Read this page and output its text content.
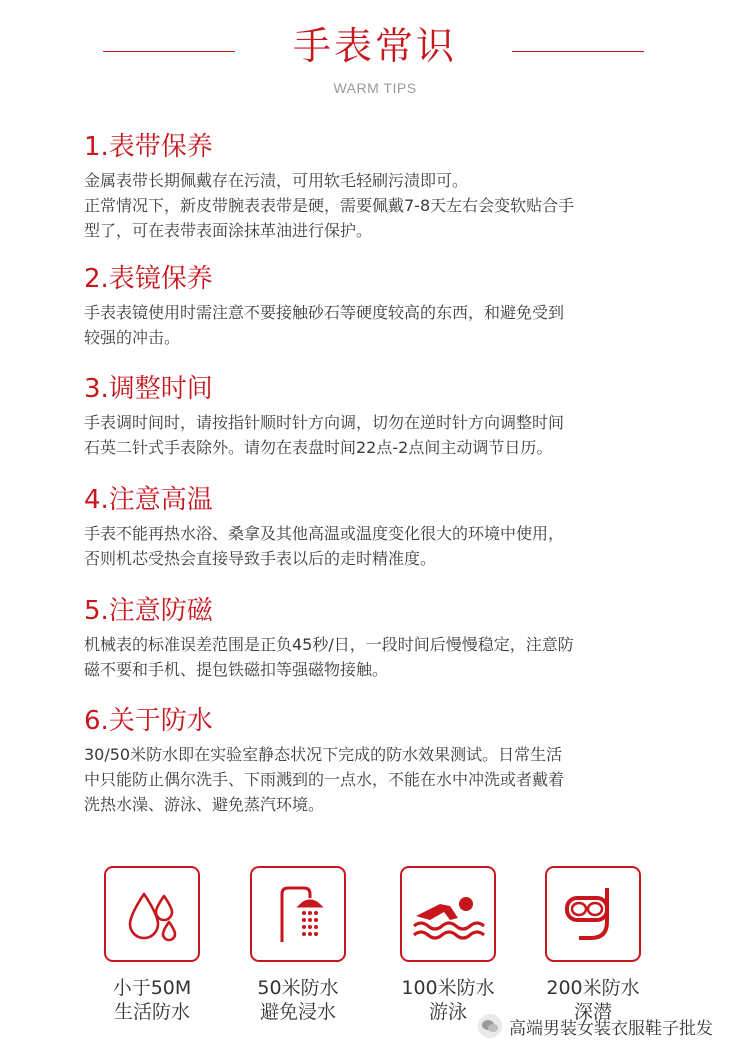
手表常识
WARM TIPS
1.表带保养

金属表带长期佩戴存在污渍，可用软毛轻刷污渍即可。
正常情况下，新皮带腕表表带是硬，需要佩戴7-8天左右会变软贴合手
型了，可在表带表面涂抹革油进行保护。

2.表镜保养

手表表镜使用时需注意不要接触砂石等硬度较高的东西，和避免受到
较强的冲击。

3.调整时间

手表调时间时，请按指针顺时针方向调，切勿在逆时针方向调整时间
石英二针式手表除外。请勿在表盘时间22点-2点间主动调节日历。

4.注意高温

手表不能再热水浴、桑拿及其他高温或温度变化很大的环境中使用，
否则机芯受热会直接导致手表以后的走时精准度。

5.注意防磁

机械表的标准误差范围是正负45秒/日，一段时间后慢慢稳定，注意防
磁不要和手机、提包铁磁扣等强磁物接触。

6.关于防水

30/50米防水即在实验室静态状况下完成的防水效果测试。日常生活
中只能防止偶尔洗手、下雨溅到的一点水，不能在水中冲洗或者戴着
洗热水澡、游泳、避免蒸汽环境。

小于50M
生活防水
50米防水
避免浸水
100米防水
游泳
200米防水
深潜
高端男装女装衣服鞋子批发
